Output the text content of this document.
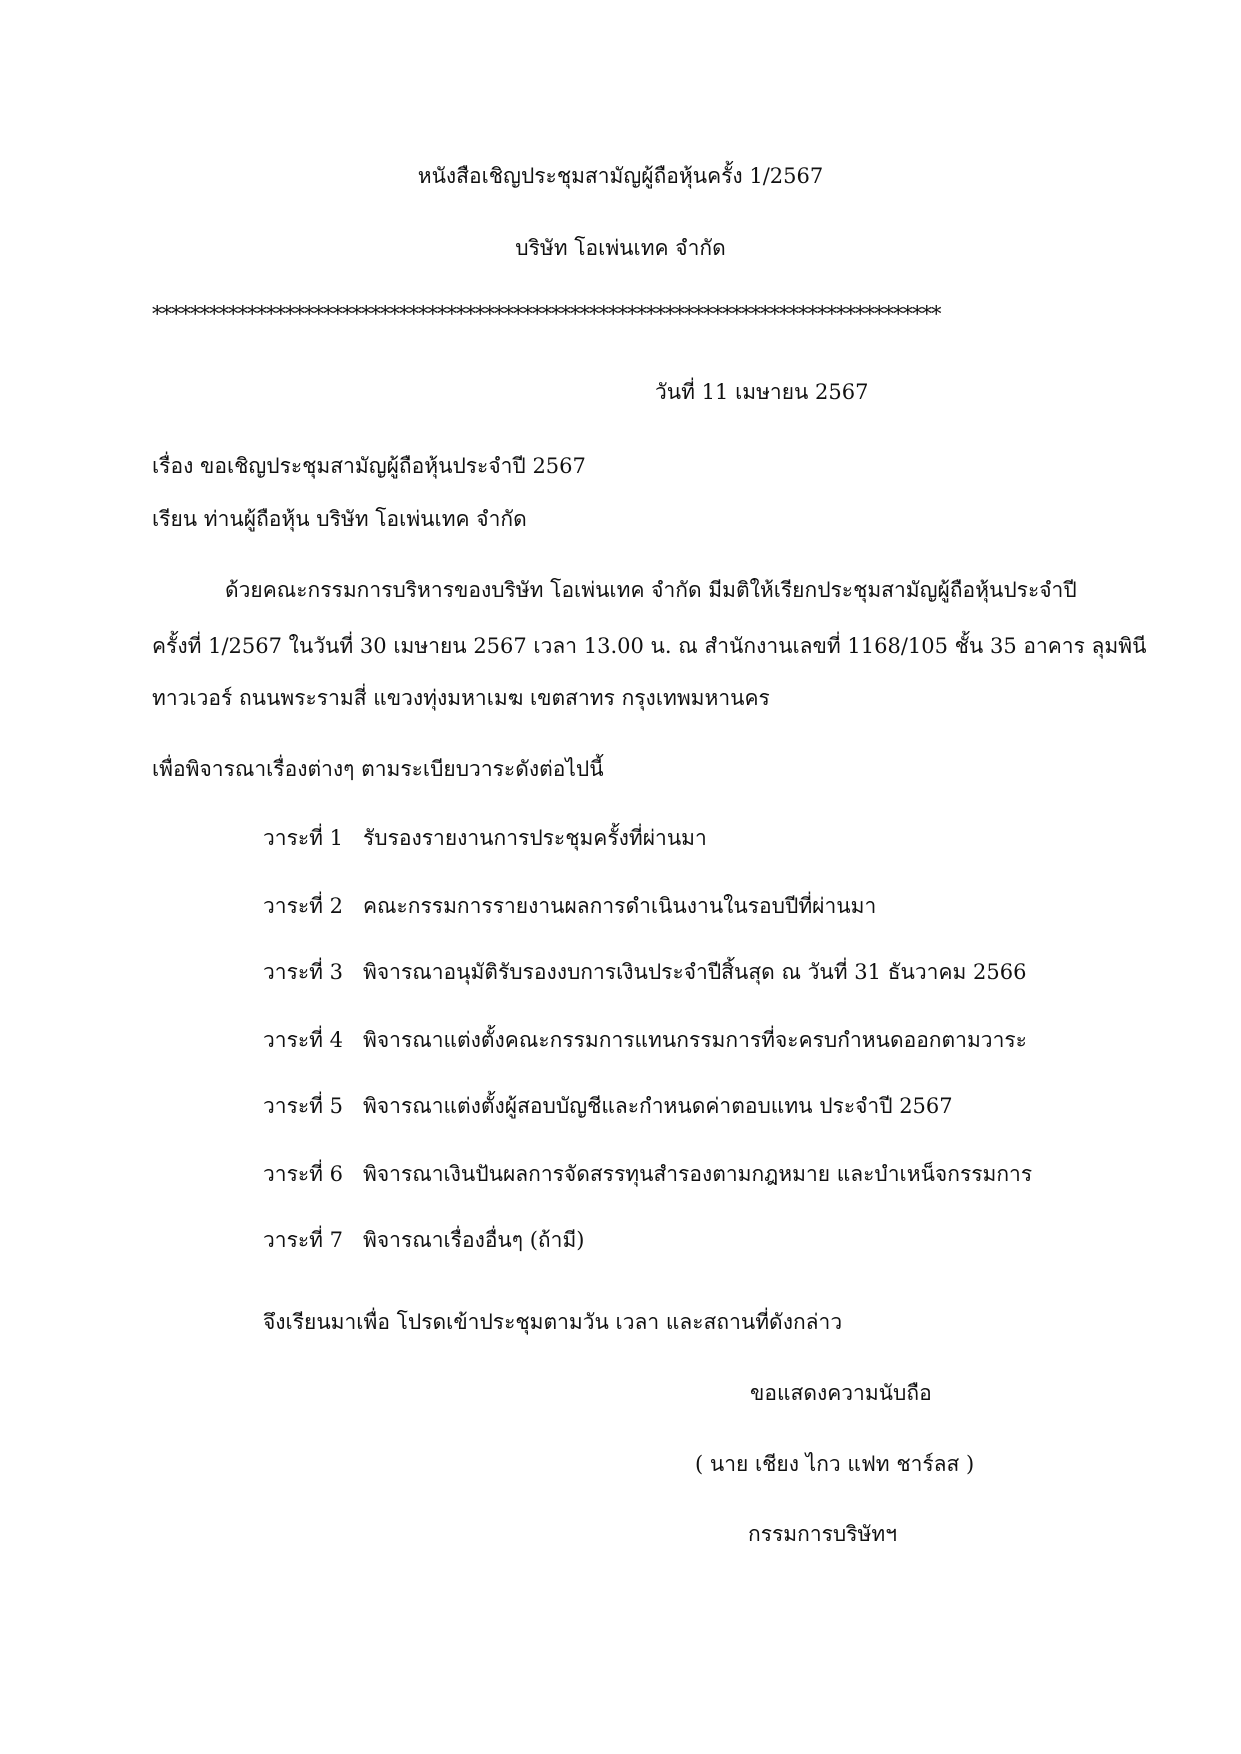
หนังสือเชิญประชุมสามัญผู้ถือหุ้นครั้ง 1/2567
บริษัท โอเพ่นเทค จำกัด
***********************************************************************************
วันที่ 11 เมษายน 2567
เรื่อง ขอเชิญประชุมสามัญผู้ถือหุ้นประจำปี 2567
เรียน ท่านผู้ถือหุ้น บริษัท โอเพ่นเทค จำกัด
ด้วยคณะกรรมการบริหารของบริษัท โอเพ่นเทค จำกัด มีมติให้เรียกประชุมสามัญผู้ถือหุ้นประจำปี
ครั้งที่ 1/2567 ในวันที่ 30 เมษายน 2567 เวลา 13.00 น. ณ สำนักงานเลขที่ 1168/105 ชั้น 35 อาคาร ลุมพินี
ทาวเวอร์ ถนนพระรามสี่ แขวงทุ่งมหาเมฆ เขตสาทร กรุงเทพมหานคร
เพื่อพิจารณาเรื่องต่างๆ ตามระเบียบวาระดังต่อไปนี้
วาระที่ 1 รับรองรายงานการประชุมครั้งที่ผ่านมา
วาระที่ 2 คณะกรรมการรายงานผลการดำเนินงานในรอบปีที่ผ่านมา
วาระที่ 3 พิจารณาอนุมัติรับรองงบการเงินประจำปีสิ้นสุด ณ วันที่ 31 ธันวาคม 2566
วาระที่ 4 พิจารณาแต่งตั้งคณะกรรมการแทนกรรมการที่จะครบกำหนดออกตามวาระ
วาระที่ 5 พิจารณาแต่งตั้งผู้สอบบัญชีและกำหนดค่าตอบแทน ประจำปี 2567
วาระที่ 6 พิจารณาเงินปันผลการจัดสรรทุนสำรองตามกฎหมาย และบำเหน็จกรรมการ
วาระที่ 7 พิจารณาเรื่องอื่นๆ (ถ้ามี)
จึงเรียนมาเพื่อ โปรดเข้าประชุมตามวัน เวลา และสถานที่ดังกล่าว
ขอแสดงความนับถือ
( นาย เชียง ไกว แฟท ชาร์ลส )
กรรมการบริษัทฯ
